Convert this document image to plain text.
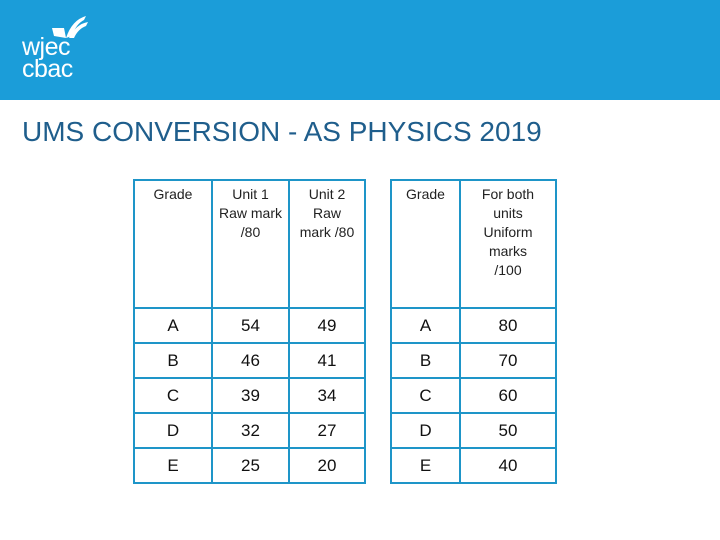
wjec
cbac
UMS CONVERSION - AS PHYSICS 2019
Grade	Unit 1 Raw mark /80	Unit 2 Raw mark /80
A	54	49
B	46	41
C	39	34
D	32	27
E	25	20
Grade	For both units Uniform marks /100
A	80
B	70
C	60
D	50
E	40
